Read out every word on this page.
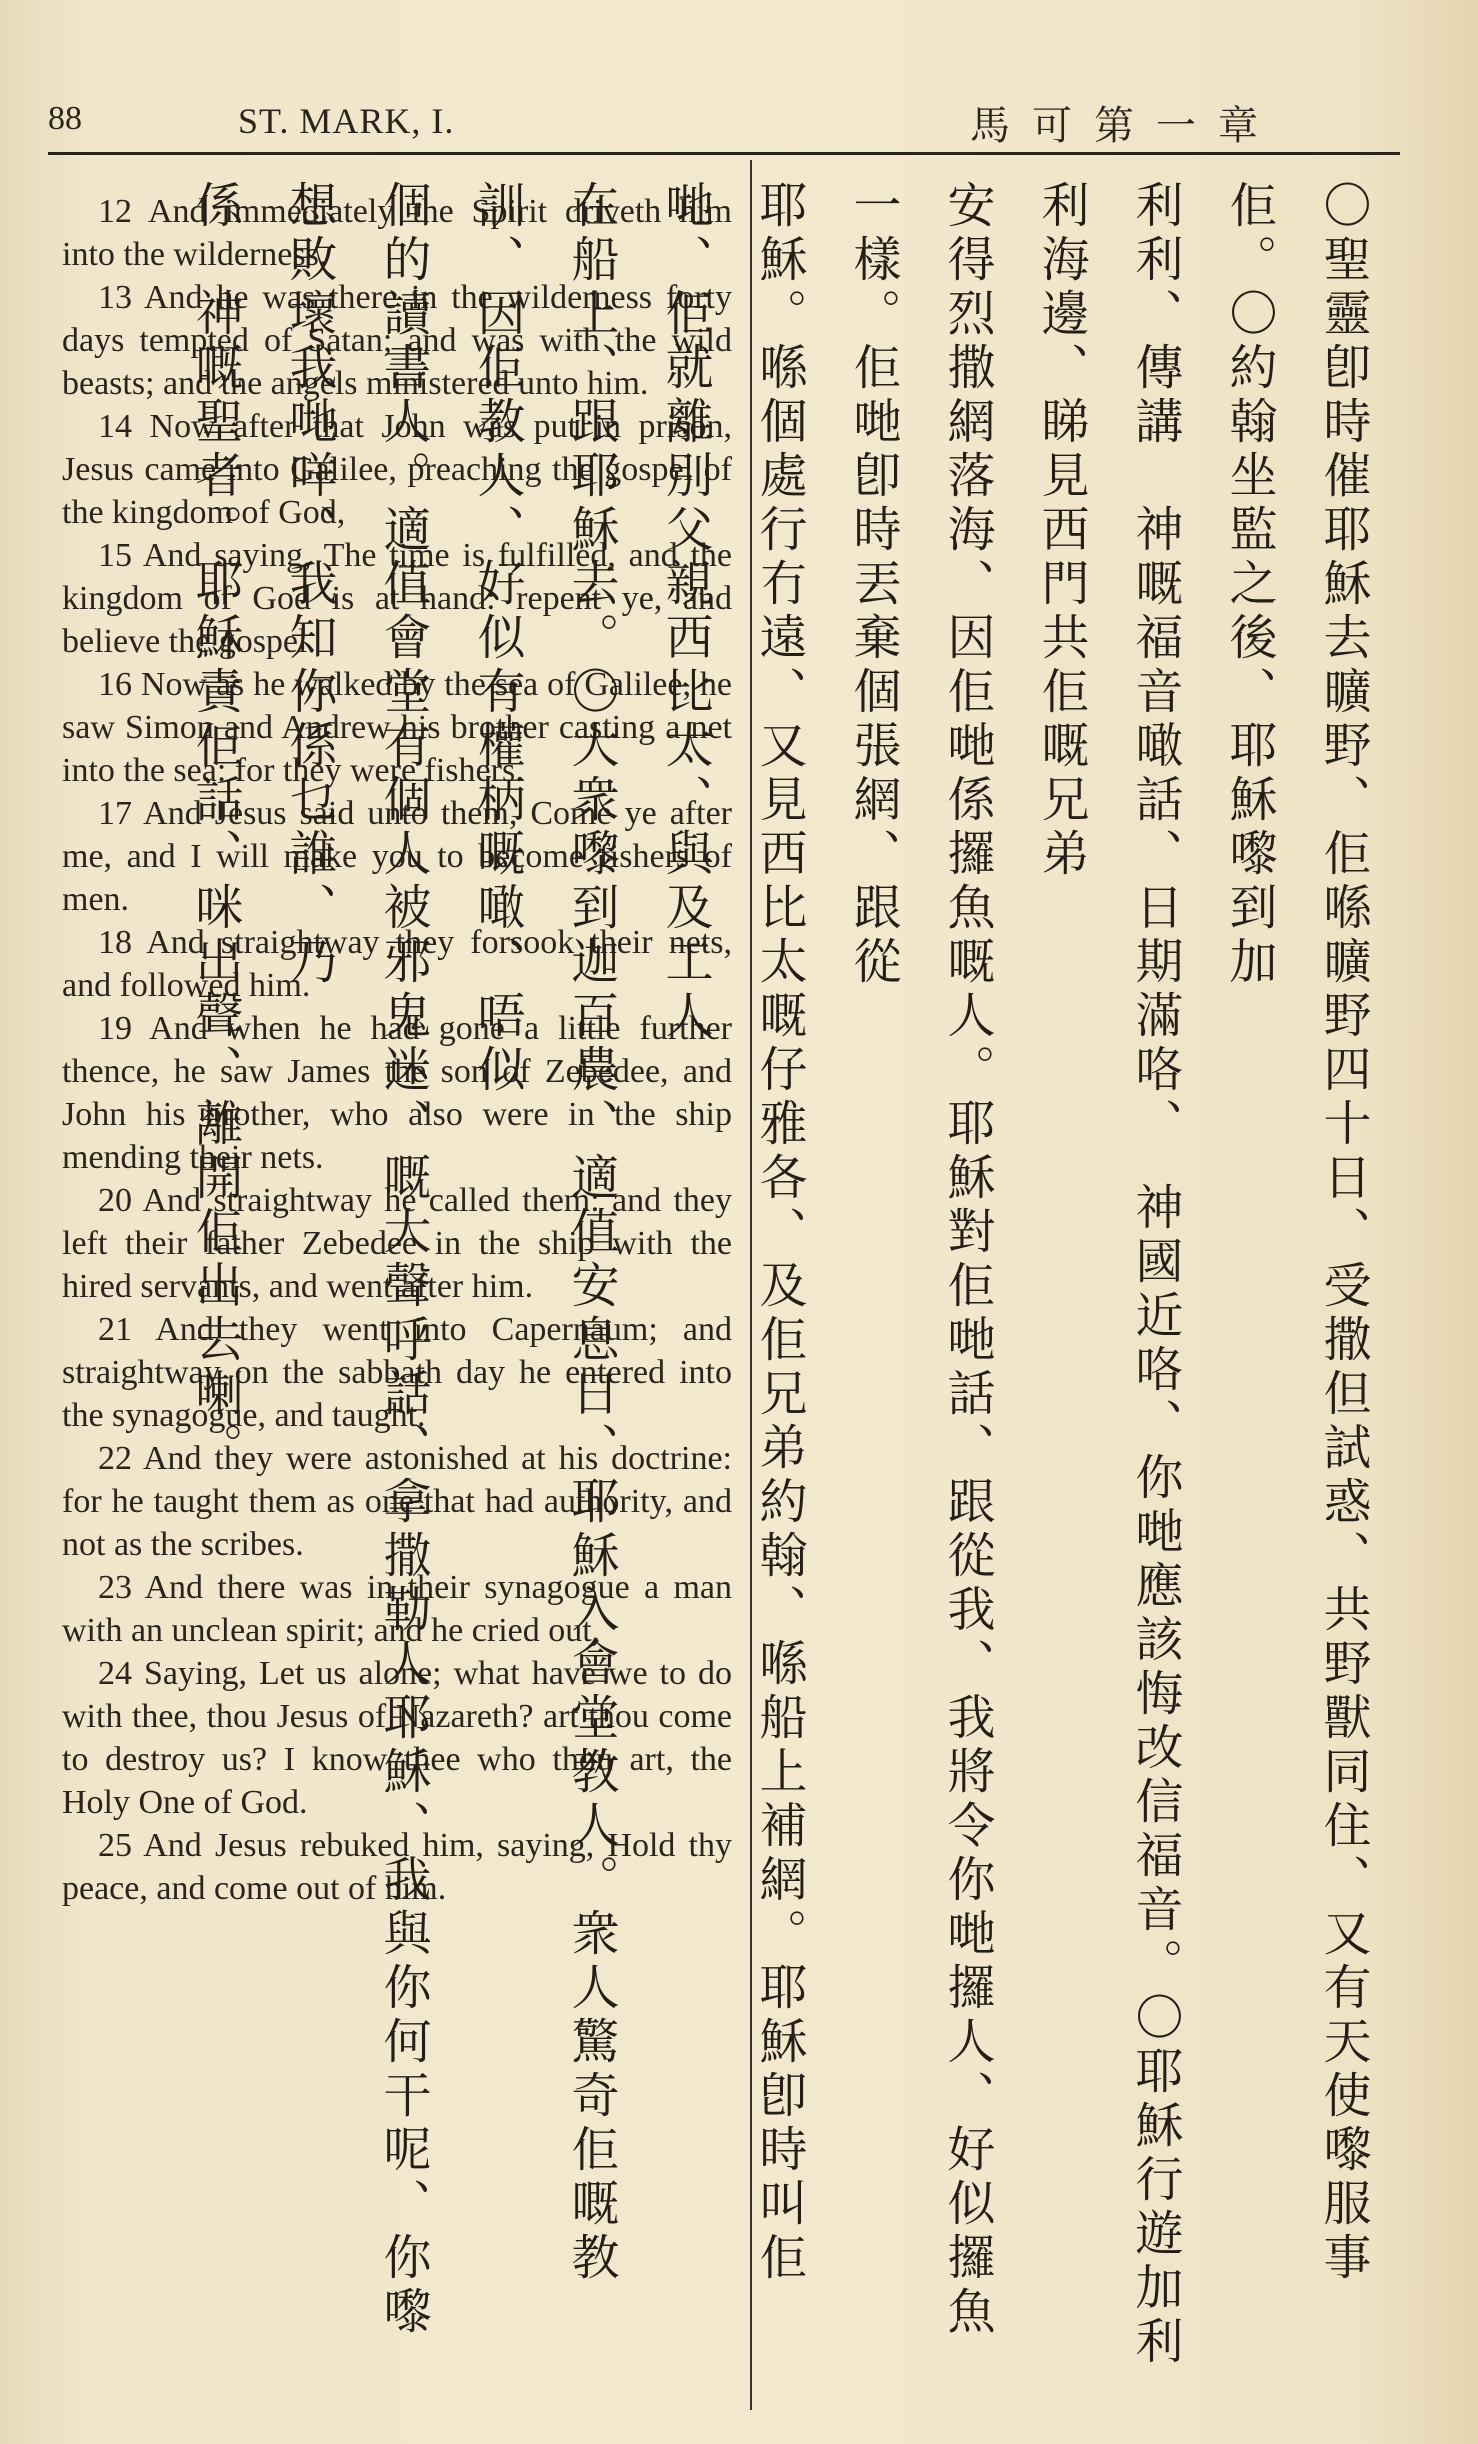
88	ST. MARK, I.	馬可第一章

12 And immediately the Spirit driveth him into the wilderness.

13 And he was there in the wilderness forty days tempted of Satan; and was with the wild beasts; and the angels ministered unto him.

14 Now after that John was put in prison, Jesus came into Galilee, preaching the gospel of the kingdom of God,

15 And saying, The time is fulfilled, and the kingdom of God is at hand: repent ye, and believe the gospel.

16 Now as he walked by the sea of Galilee, he saw Simon and Andrew his brother casting a net into the sea: for they were fishers.

17 And Jesus said unto them, Come ye after me, and I will make you to become fishers of men.

18 And straightway they forsook their nets, and followed him.

19 And when he had gone a little further thence, he saw James the son of Zebedee, and John his brother, who also were in the ship mending their nets.

20 And straightway he called them: and they left their father Zebedee in the ship with the hired servants, and went after him.

21 And they went into Capernaum; and straightway on the sabbath day he entered into the synagogue, and taught.

22 And they were astonished at his doctrine: for he taught them as one that had authority, and not as the scribes.

23 And there was in their synagogue a man with an unclean spirit; and he cried out,

24 Saying, Let us alone; what have we to do with thee, thou Jesus of Nazareth? art thou come to destroy us? I know thee who thou art, the Holy One of God.

25 And Jesus rebuked him, saying, Hold thy peace, and come out of him.	〇聖靈卽時催耶穌去曠野、佢喺曠野四十日、受撒但試惑、共野獸同住、又有天使嚟服事佢。〇約翰坐監之後、耶穌嚟到加

利利、傳講　神嘅福音噉話、日期滿咯、　神國近咯、你哋應該悔改信福音。〇耶穌行遊加利利海邊、睇見西門共佢嘅兄弟

安得烈撒網落海、因佢哋係攞魚嘅人。耶穌對佢哋話、跟從我、我將令你哋攞人、好似攞魚一樣。佢哋卽時丟棄個張網、跟從

耶穌。喺個處行冇遠、又見西比太嘅仔雅各、及佢兄弟約翰、喺船上補網。耶穌卽時叫佢哋、佢就離別父親西比太、與及工人

在船上、跟耶穌去。〇大衆嚟到迦百農、適值安息日、耶穌入會堂教人。衆人驚奇佢嘅教訓、因佢教人、好似有權柄嘅噉、唔似

個的讀書人。適值會堂有個人被邪鬼迷、嘅大聲呼話、拿撒勒人耶穌、我與你何干呢、你嚟想敗壞我哋咩、我知你係乜誰、乃

係　神嘅聖者。耶穌責佢話、咪出聲、離開佢出去喇。
